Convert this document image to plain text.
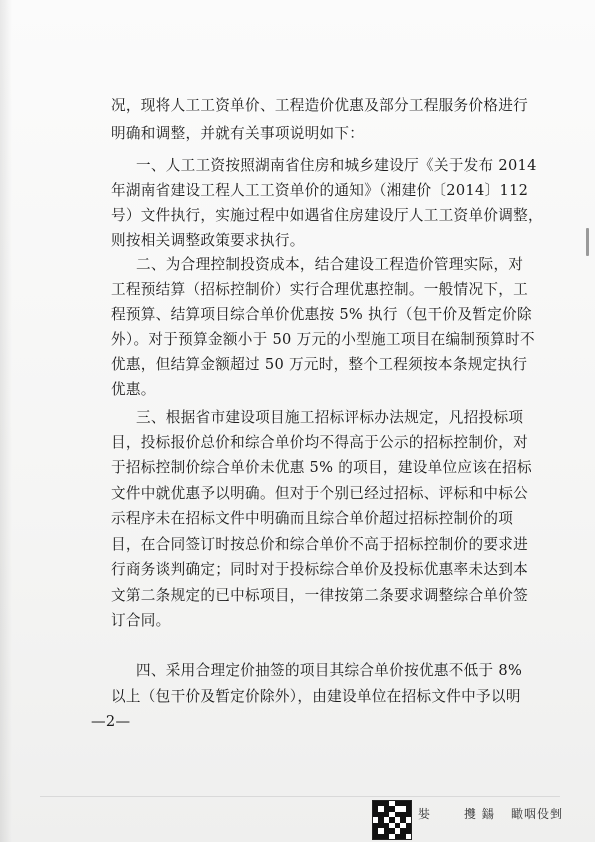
况，现将人工工资单价、工程造价优惠及部分工程服务价格进行
明确和调整，并就有关事项说明如下：
一、人工工资按照湖南省住房和城乡建设厅《关于发布 2014
年湖南省建设工程人工工资单价的通知》（湘建价〔2014〕112
号）文件执行，实施过程中如遇省住房建设厅人工工资单价调整，
则按相关调整政策要求执行。
二、为合理控制投资成本，结合建设工程造价管理实际，对
工程预结算（招标控制价）实行合理优惠控制。一般情况下，工
程预算、结算项目综合单价优惠按 5% 执行（包干价及暂定价除
外）。对于预算金额小于 50 万元的小型施工项目在编制预算时不
优惠，但结算金额超过 50 万元时，整个工程须按本条规定执行
优惠。
三、根据省市建设项目施工招标评标办法规定，凡招投标项
目，投标报价总价和综合单价均不得高于公示的招标控制价，对
于招标控制价综合单价未优惠 5% 的项目，建设单位应该在招标
文件中就优惠予以明确。但对于个别已经过招标、评标和中标公
示程序未在招标文件中明确而且综合单价超过招标控制价的项
目，在合同签订时按总价和综合单价不高于招标控制价的要求进
行商务谈判确定；同时对于投标综合单价及投标优惠率未达到本
文第二条规定的已中标项目，一律按第二条要求调整综合单价签
订合同。
四、采用合理定价抽签的项目其综合单价按优惠不低于 8%
以上（包干价及暂定价除外），由建设单位在招标文件中予以明
—2—
娤	㩳 鐋 瞰咽伇剉
